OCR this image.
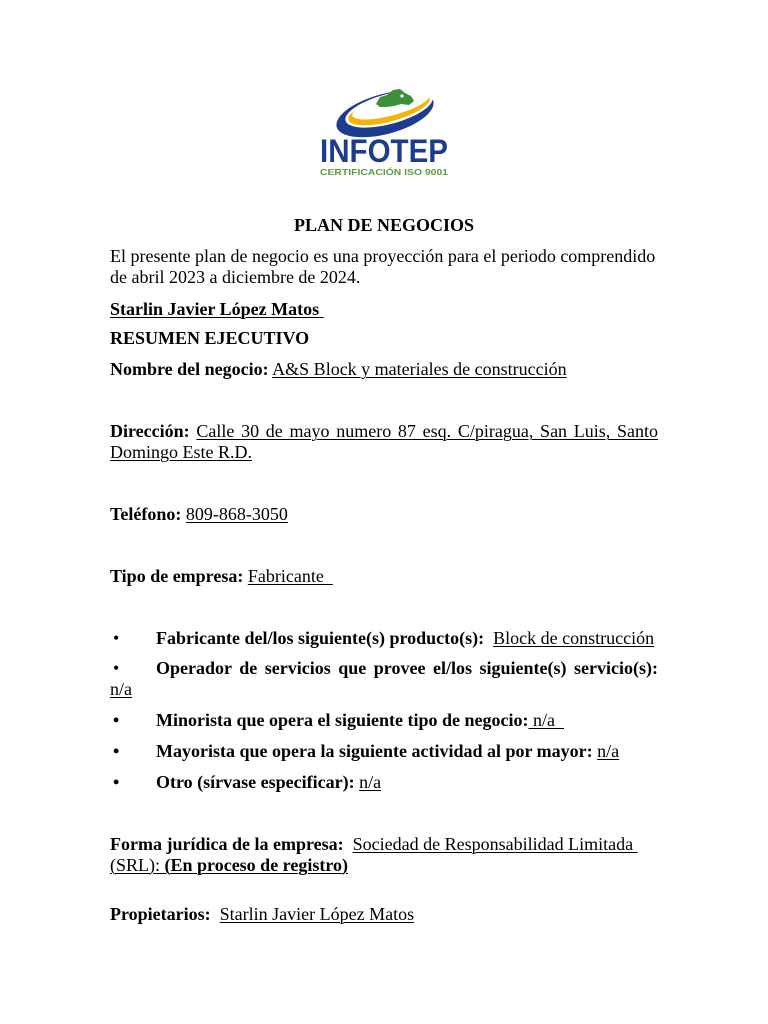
INFOTEP
CERTIFICACIÓN ISO 9001
PLAN DE NEGOCIOS
El presente plan de negocio es una proyección para el periodo comprendido
de abril 2023 a diciembre de 2024.
Starlin Javier López Matos
RESUMEN EJECUTIVO
Nombre del negocio: A&S Block y materiales de construcción
Dirección: Calle 30 de mayo numero 87 esq. C/piragua, San Luis, Santo
Domingo Este R.D.
Teléfono: 809-868-3050
Tipo de empresa: Fabricante
• Fabricante del/los siguiente(s) producto(s): Block de construcción
• Operador de servicios que provee el/los siguiente(s) servicio(s):
n/a
• Minorista que opera el siguiente tipo de negocio: n/a
• Mayorista que opera la siguiente actividad al por mayor: n/a
• Otro (sírvase especificar): n/a
Forma jurídica de la empresa: Sociedad de Responsabilidad Limitada
(SRL): (En proceso de registro)
Propietarios: Starlin Javier López Matos
